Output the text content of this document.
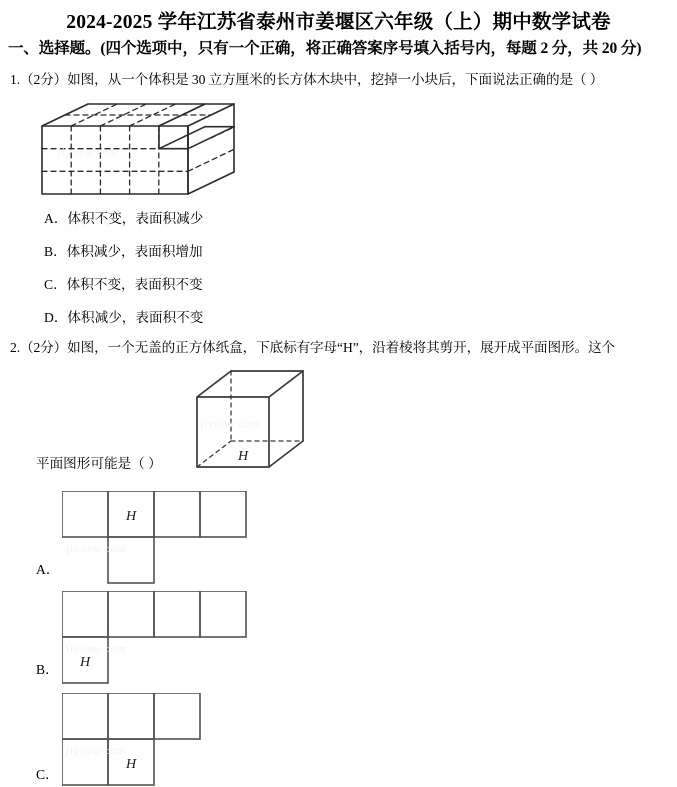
2024-2025 学年江苏省泰州市姜堰区六年级（上）期中数学试卷
一、选择题。(四个选项中，只有一个正确，将正确答案序号填入括号内，每题 2 分，共 20 分)
1.（2分）如图，从一个体积是 30 立方厘米的长方体木块中，挖掉一小块后，下面说法正确的是（ ）
jiyoou·com
A．体积不变，表面积减少
B．体积减少，表面积增加
C．体积不变，表面积不变
D．体积减少，表面积不变
2.（2分）如图，一个无盖的正方体纸盒，下底标有字母“H”，沿着棱将其剪开，展开成平面图形。这个
H
jiyoou·com
平面图形可能是（ ）
H
A．
jiyoou·com
H
B．
jiyoou·com
H
C．
jiyoou·com
